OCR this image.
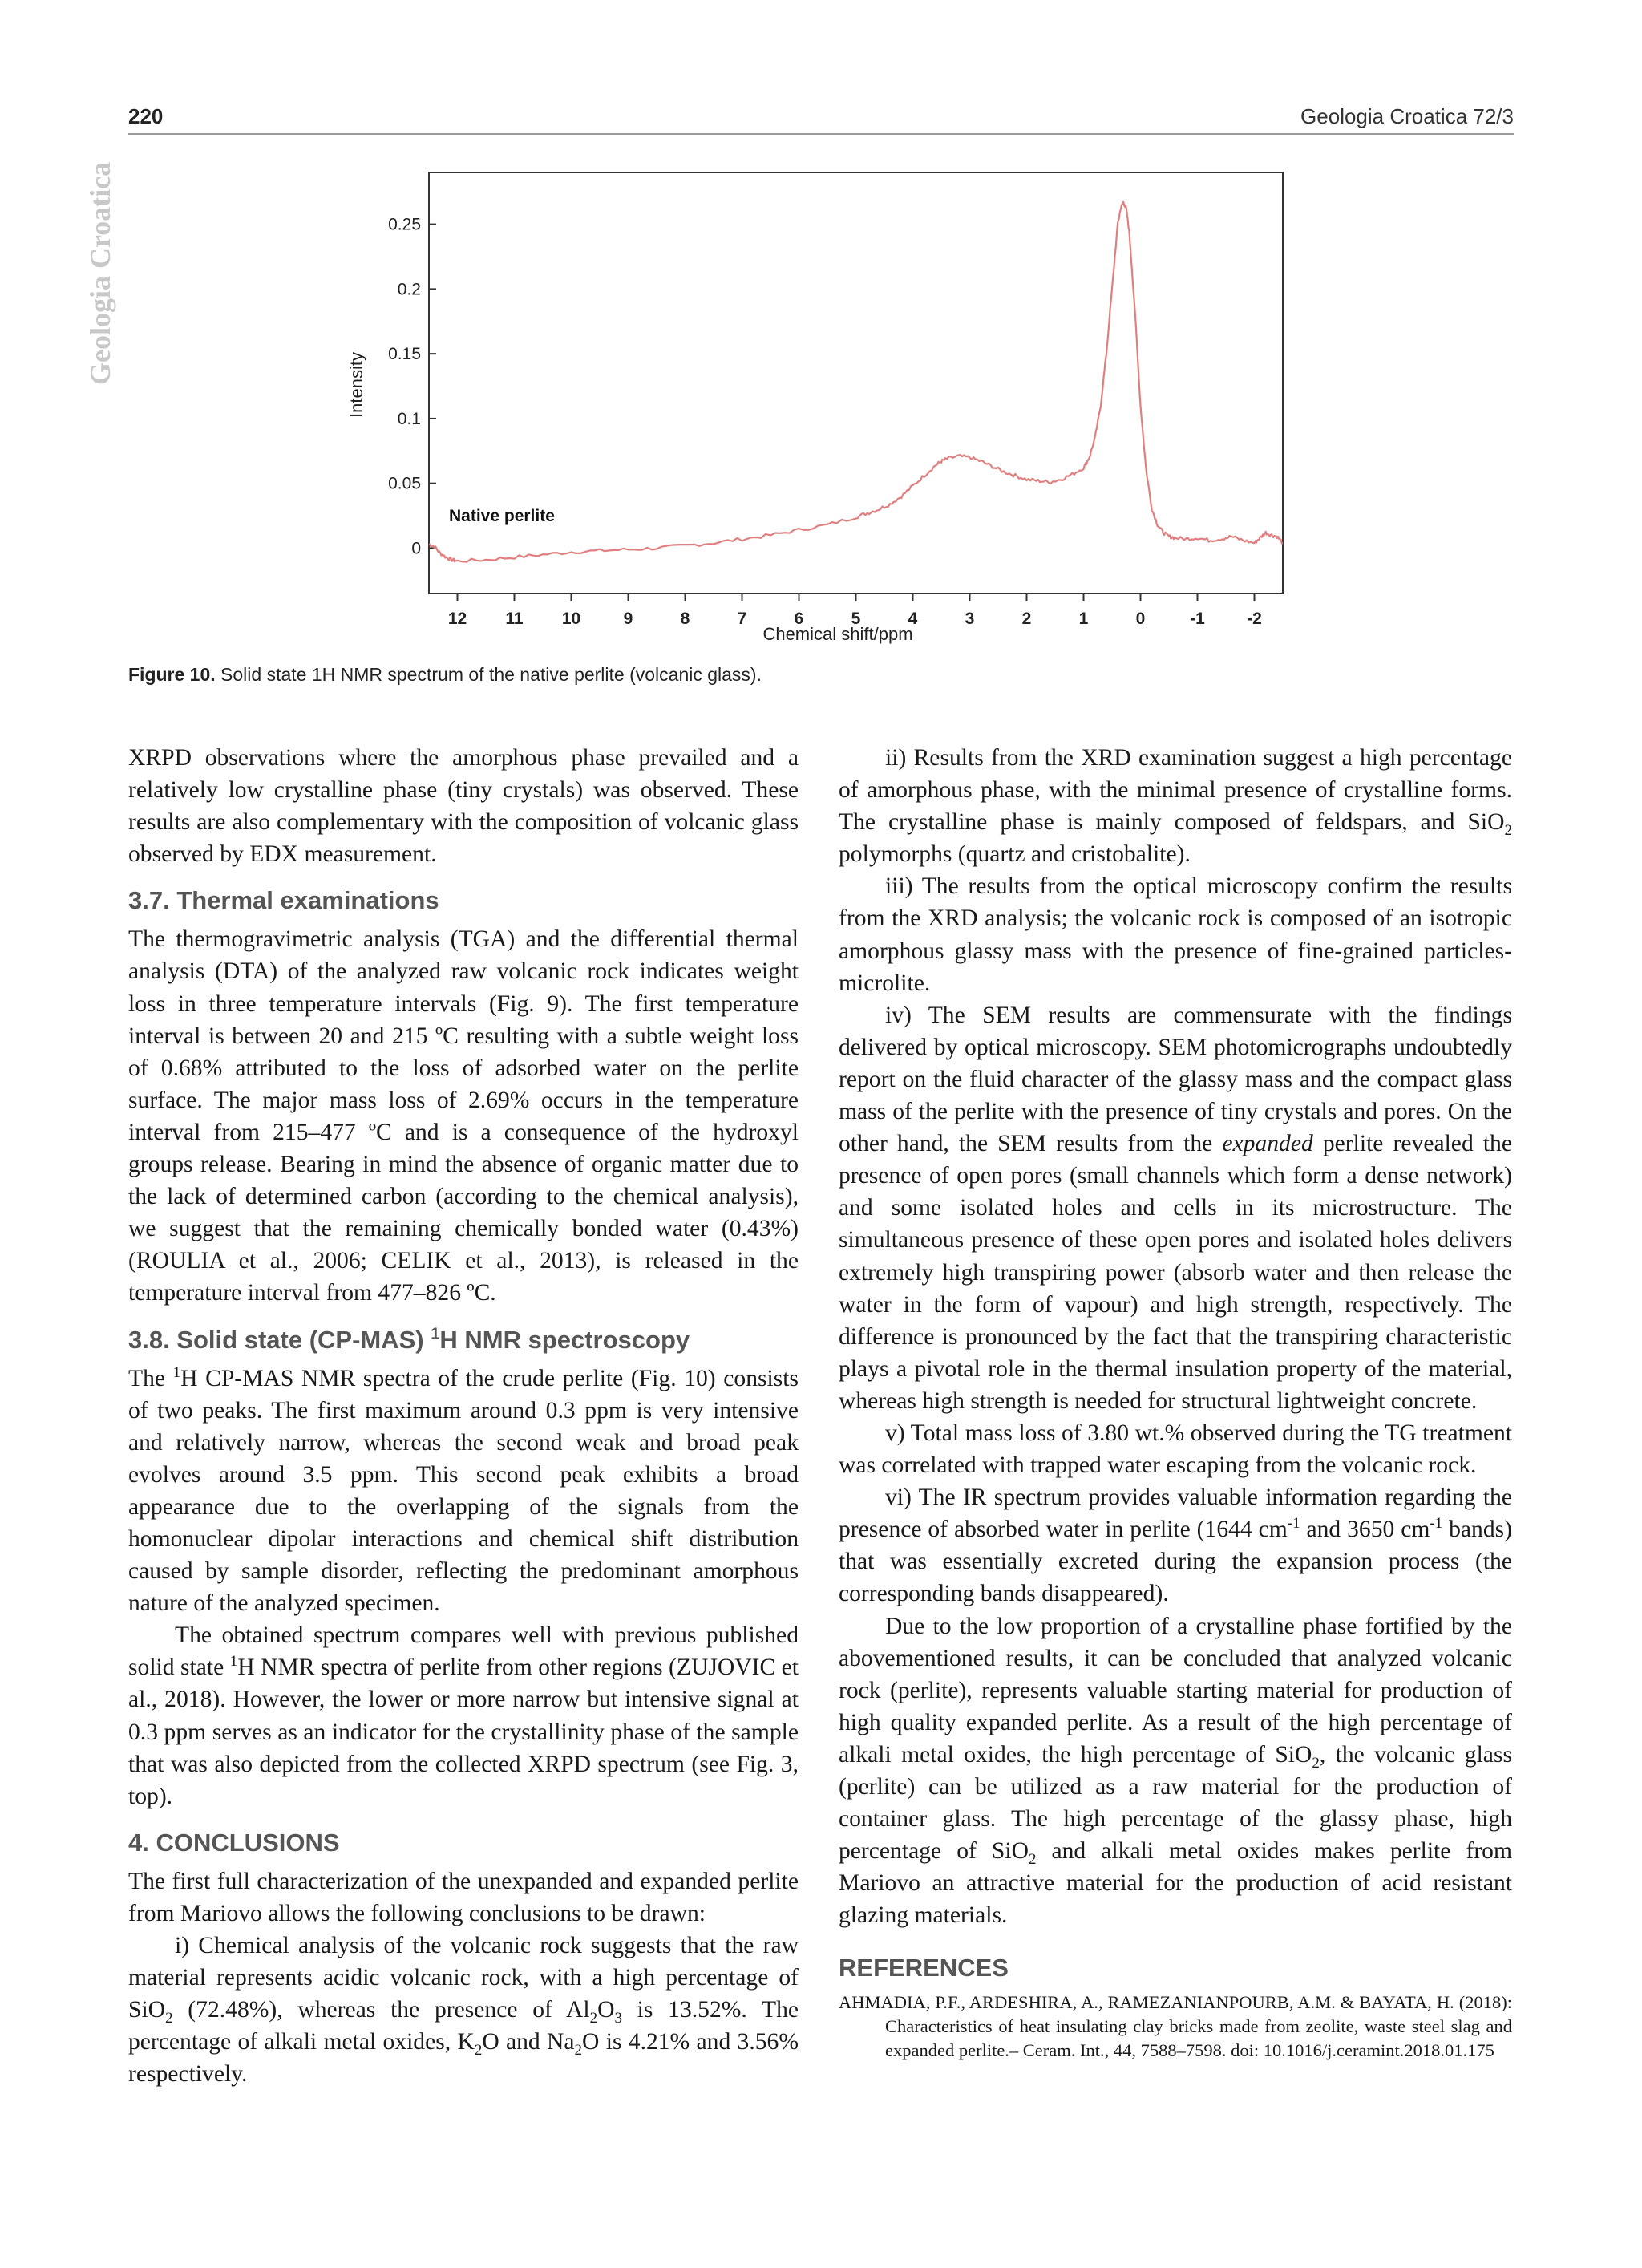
220	Geologia Croatica 72/3
Geologia Croatica
0
0.05
0.1
0.15
0.2
0.25
12 11 10	9	8	7	6	5	4	3	2	1	0	-1 -2
Native perlite
Intensity
Chemical shift/ppm
Figure 10. Solid state 1H NMR spectrum of the native perlite (volcanic glass).

XRPD observations where the amorphous phase prevailed and a relatively low crystalline phase (tiny crystals) was observed. These results are also complementary with the composition of volcanic glass observed by EDX measurement.

3.7. Thermal examinations

The thermogravimetric analysis (TGA) and the differential thermal analysis (DTA) of the analyzed raw volcanic rock indicates weight loss in three temperature intervals (Fig. 9). The first temperature interval is between 20 and 215 ºC resulting with a subtle weight loss of 0.68% attributed to the loss of adsorbed water on the perlite surface. The major mass loss of 2.69% occurs in the temperature interval from 215–477 ºC and is a consequence of the hydroxyl groups release. Bearing in mind the absence of organic matter due to the lack of determined carbon (according to the chemical analysis), we suggest that the remaining chemically bonded water (0.43%) (ROULIA et al., 2006; CELIK et al., 2013), is released in the temperature interval from 477–826 ºC.

3.8. Solid state (CP-MAS) $^1$H NMR spectroscopy

The $^1$H CP-MAS NMR spectra of the crude perlite (Fig. 10) consists of two peaks. The first maximum around 0.3 ppm is very intensive and relatively narrow, whereas the second weak and broad peak evolves around 3.5 ppm. This second peak exhibits a broad appearance due to the overlapping of the signals from the homonuclear dipolar interactions and chemical shift distribution caused by sample disorder, reflecting the predominant amorphous nature of the analyzed specimen.

The obtained spectrum compares well with previous published solid state $^1$H NMR spectra of perlite from other regions (ZUJOVIC et al., 2018). However, the lower or more narrow but intensive signal at 0.3 ppm serves as an indicator for the crystallinity phase of the sample that was also depicted from the collected XRPD spectrum (see Fig. 3, top).

4. CONCLUSIONS

The first full characterization of the unexpanded and expanded perlite from Mariovo allows the following conclusions to be drawn:

i) Chemical analysis of the volcanic rock suggests that the raw material represents acidic volcanic rock, with a high percentage of SiO$_2$ (72.48%), whereas the presence of $Al_2O_3$ is 13.52%. The percentage of alkali metal oxides, $K_2O$ and $Na_2O$ is 4.21% and 3.56% respectively.

ii) Results from the XRD examination suggest a high percentage of amorphous phase, with the minimal presence of crystalline forms. The crystalline phase is mainly composed of feldspars, and SiO$_2$ polymorphs (quartz and cristobalite).

iii) The results from the optical microscopy confirm the results from the XRD analysis; the volcanic rock is composed of an isotropic amorphous glassy mass with the presence of fine-grained particles-microlite.

iv) The SEM results are commensurate with the findings delivered by optical microscopy. SEM photomicrographs undoubtedly report on the fluid character of the glassy mass and the compact glass mass of the perlite with the presence of tiny crystals and pores. On the other hand, the SEM results from the expanded perlite revealed the presence of open pores (small channels which form a dense network) and some isolated holes and cells in its microstructure. The simultaneous presence of these open pores and isolated holes delivers extremely high transpiring power (absorb water and then release the water in the form of vapour) and high strength, respectively. The difference is pronounced by the fact that the transpiring characteristic plays a pivotal role in the thermal insulation property of the material, whereas high strength is needed for structural lightweight concrete.

v) Total mass loss of 3.80 wt.% observed during the TG treatment was correlated with trapped water escaping from the volcanic rock.

vi) The IR spectrum provides valuable information regarding the presence of absorbed water in perlite (1644 $cm^{-1}$ and 3650 $cm^{-1}$ bands) that was essentially excreted during the expansion process (the corresponding bands disappeared).

Due to the low proportion of a crystalline phase fortified by the abovementioned results, it can be concluded that analyzed volcanic rock (perlite), represents valuable starting material for production of high quality expanded perlite. As a result of the high percentage of alkali metal oxides, the high percentage of SiO$_2$, the volcanic glass (perlite) can be utilized as a raw material for the production of container glass. The high percentage of the glassy phase, high percentage of SiO$_2$ and alkali metal oxides makes perlite from Mariovo an attractive material for the production of acid resistant glazing materials.

REFERENCES

AHMADIA, P.F., ARDESHIRA, A., RAMEZANIANPOURB, A.M. & BAYATA, H. (2018): Characteristics of heat insulating clay bricks made from zeolite, waste steel slag and expanded perlite.– Ceram. Int., 44, 7588–7598. doi: 10.1016/j.ceramint.2018.01.175
